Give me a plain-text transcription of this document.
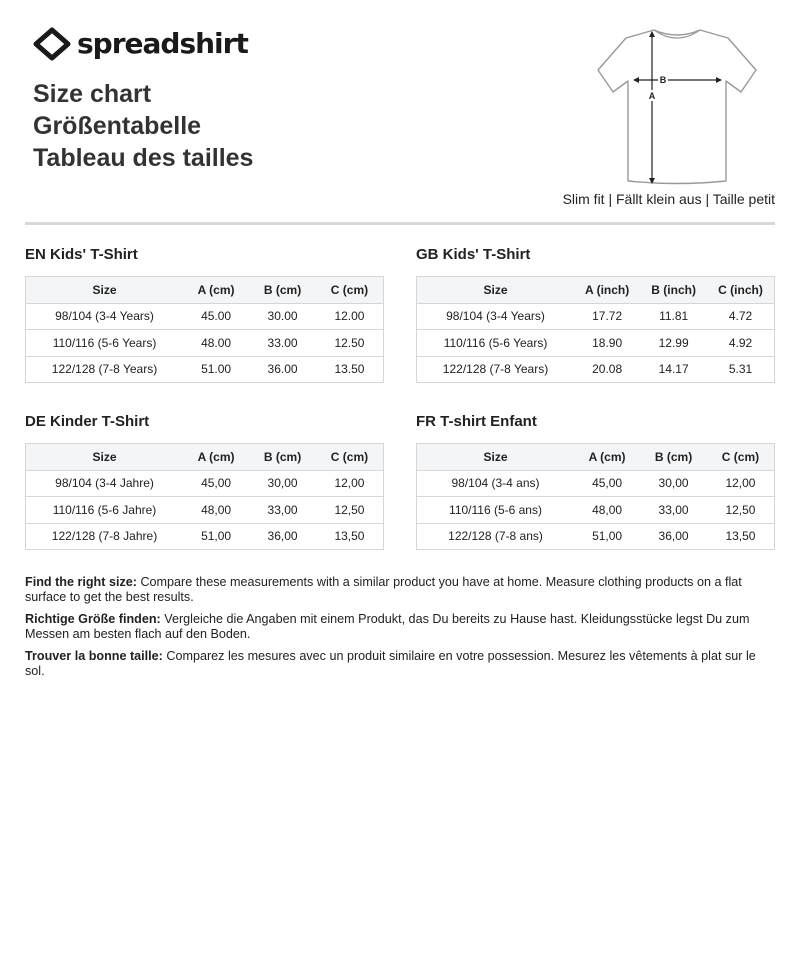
spreadshirt
Size chart
Größentabelle
Tableau des tailles
B
A
Slim fit | Fällt klein aus | Taille petit
EN Kids' T-Shirt
Size	A (cm)	B (cm)	C (cm)
98/104 (3-4 Years)	45.00	30.00	12.00
110/116 (5-6 Years)	48.00	33.00	12.50
122/128 (7-8 Years)	51.00	36.00	13.50
GB Kids' T-Shirt
Size	A (inch)	B (inch)	C (inch)
98/104 (3-4 Years)	17.72	11.81	4.72
110/116 (5-6 Years)	18.90	12.99	4.92
122/128 (7-8 Years)	20.08	14.17	5.31
DE Kinder T-Shirt
Size	A (cm)	B (cm)	C (cm)
98/104 (3-4 Jahre)	45,00	30,00	12,00
110/116 (5-6 Jahre)	48,00	33,00	12,50
122/128 (7-8 Jahre)	51,00	36,00	13,50
FR T-shirt Enfant
Size	A (cm)	B (cm)	C (cm)
98/104 (3-4 ans)	45,00	30,00	12,00
110/116 (5-6 ans)	48,00	33,00	12,50
122/128 (7-8 ans)	51,00	36,00	13,50

Find the right size: Compare these measurements with a similar product you have at home. Measure clothing products on a flat surface to get the best results.

Richtige Größe finden: Vergleiche die Angaben mit einem Produkt, das Du bereits zu Hause hast. Kleidungsstücke legst Du zum Messen am besten flach auf den Boden.

Trouver la bonne taille: Comparez les mesures avec un produit similaire en votre possession. Mesurez les vêtements à plat sur le sol.
